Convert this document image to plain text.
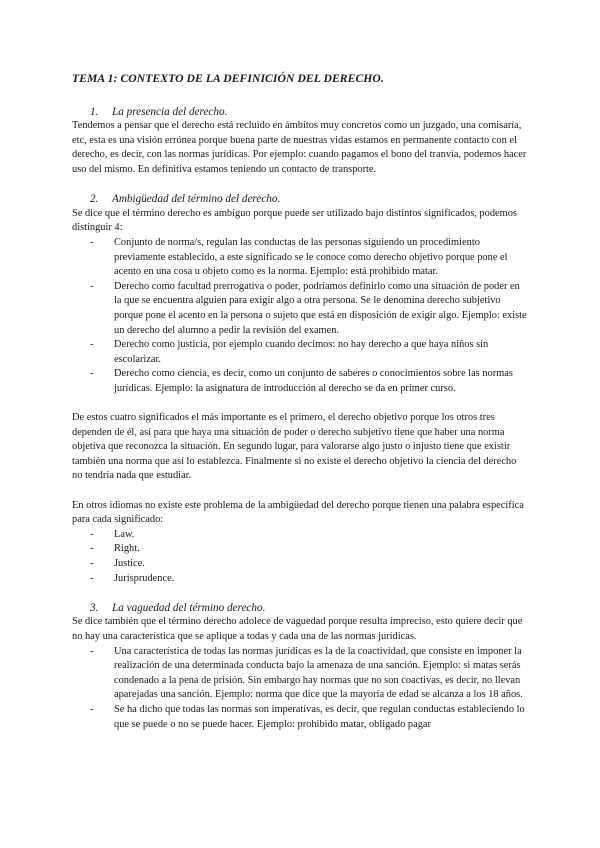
TEMA 1: CONTEXTO DE LA DEFINICIÓN DEL DERECHO.

1. La presencia del derecho.

Tendemos a pensar que el derecho está recluido en ámbitos muy concretos como un juzgado, una comisaría, etc, esta es una visión errónea porque buena parte de nuestras vidas estamos en permanente contacto con el derecho, es decir, con las normas jurídicas. Por ejemplo: cuando pagamos el bono del tranvía, podemos hacer uso del mismo. En definitiva estamos teniendo un contacto de transporte.

2. Ambigüedad del término del derecho.

Se dice que el término derecho es ambiguo porque puede ser utilizado bajo distintos significados, podemos distinguir 4:

- Conjunto de norma/s, regulan las conductas de las personas siguiendo un procedimiento previamente establecido, a este significado se le conoce como derecho objetivo porque pone el acento en una cosa u objeto como es la norma. Ejemplo: está prohibido matar.
- Derecho como facultad prerrogativa o poder, podríamos definirlo como una situación de poder en la que se encuentra alguien para exigir algo a otra persona. Se le denomina derecho subjetivo porque pone el acento en la persona o sujeto que está en disposición de exigir algo. Ejemplo: existe un derecho del alumno a pedir la revisión del examen.
- Derecho como justicia, por ejemplo cuando decimos: no hay derecho a que haya niños sin escolarizar.
- Derecho como ciencia, es decir, como un conjunto de saberes o conocimientos sobre las normas jurídicas. Ejemplo: la asignatura de introducción al derecho se da en primer curso.

De estos cuatro significados el más importante es el primero, el derecho objetivo porque los otros tres dependen de él, así para que haya una situación de poder o derecho subjetivo tiene que haber una norma objetiva que reconozca la situación. En segundo lugar, para valorarse algo justo o injusto tiene que existir también una norma que así lo establezca. Finalmente si no existe el derecho objetivo la ciencia del derecho no tendría nada que estudiar.

En otros idiomas no existe este problema de la ambigüedad del derecho porque tienen una palabra específica para cada significado:

- Law.
- Right.
- Justice.
- Jurisprudence.

3. La vaguedad del término derecho.

Se dice también que el término derecho adolece de vaguedad porque resulta impreciso, esto quiere decir que no hay una característica que se aplique a todas y cada una de las normas jurídicas.

- Una característica de todas las normas jurídicas es la de la coactividad, que consiste en imponer la realización de una determinada conducta bajo la amenaza de una sanción. Ejemplo: si matas serás condenado a la pena de prisión. Sin embargo hay normas que no son coactivas, es decir, no llevan aparejadas una sanción. Ejemplo: norma que dice que la mayoría de edad se alcanza a los 18 años.
- Se ha dicho que todas las normas son imperativas, es decir, que regulan conductas estableciendo lo que se puede o no se puede hacer. Ejemplo: prohibido matar, obligado pagar
